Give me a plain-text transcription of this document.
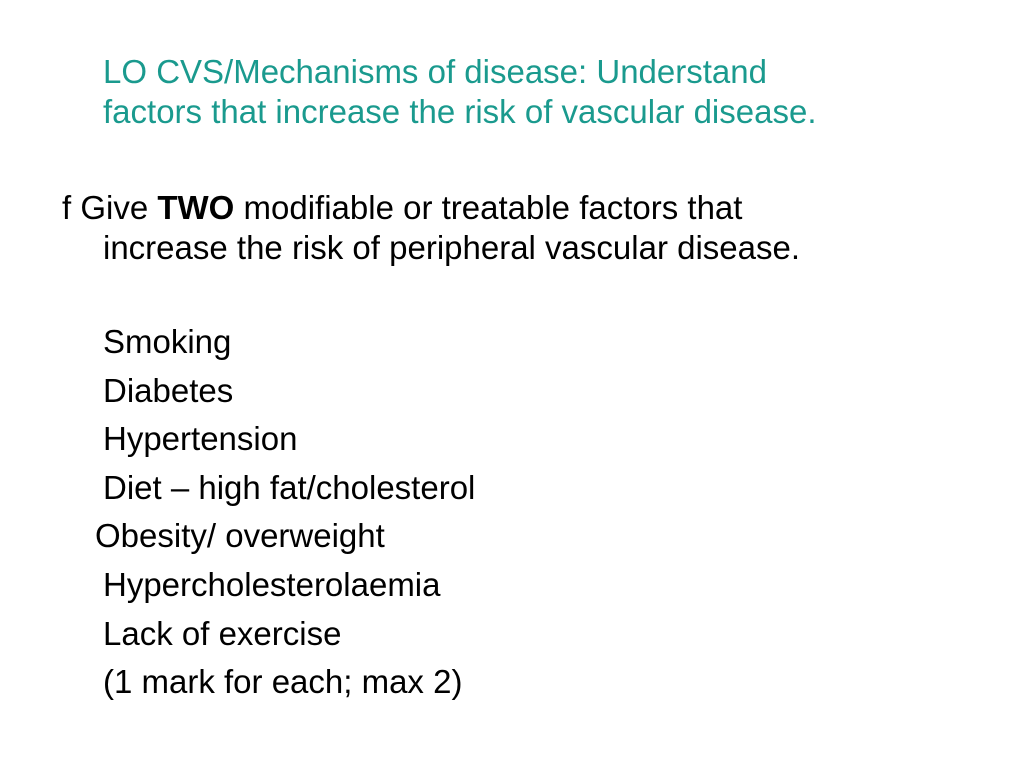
LO CVS/Mechanisms of disease: Understand
factors that increase the risk of vascular disease.

f Give TWO modifiable or treatable factors that
increase the risk of peripheral vascular disease.

Smoking
Diabetes
Hypertension
Diet – high fat/cholesterol
Obesity/ overweight
Hypercholesterolaemia
Lack of exercise
(1 mark for each; max 2)
